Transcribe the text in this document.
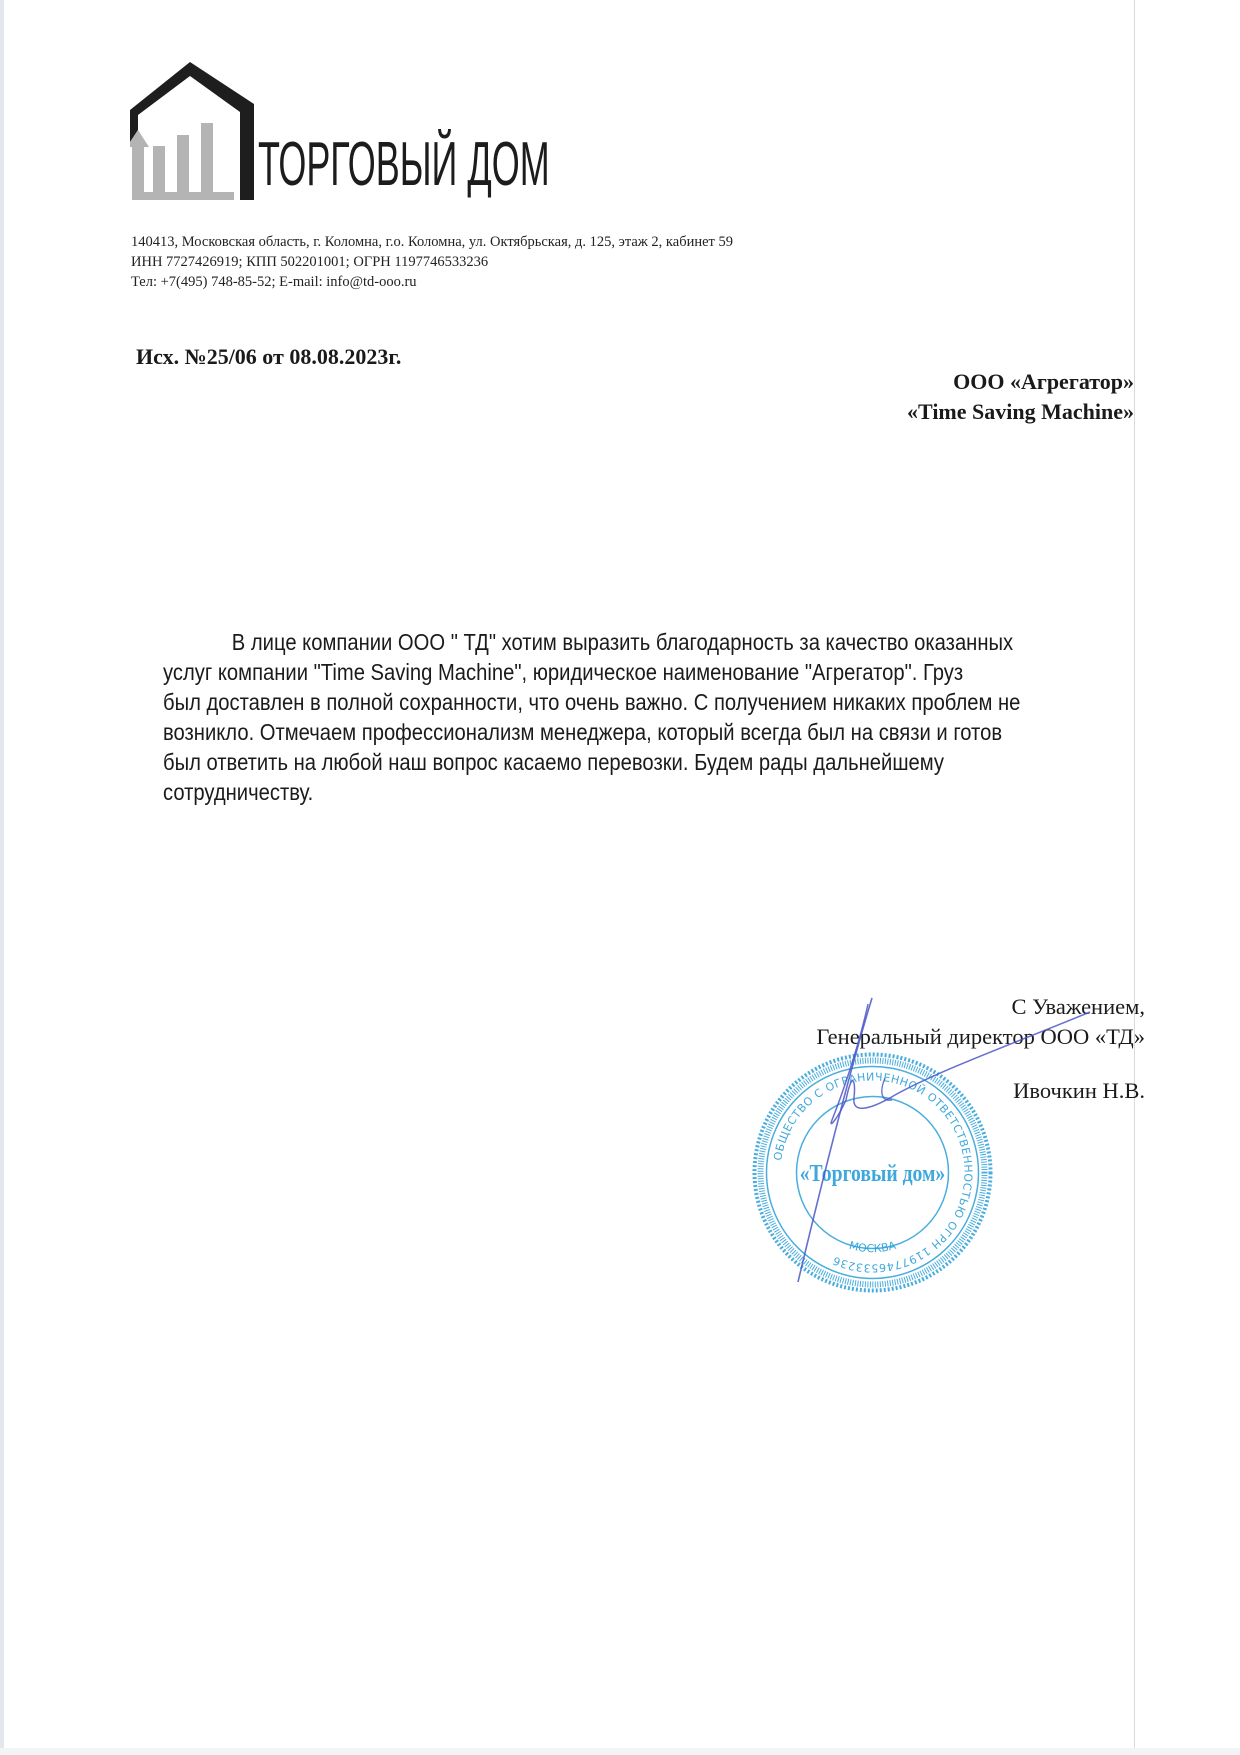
ТОРГОВЫЙ ДОМ
140413, Московская область, г. Коломна, г.о. Коломна, ул. Октябрьская, д. 125, этаж 2, кабинет 59
ИНН 7727426919; КПП 502201001; ОГРН 1197746533236
Тел: +7(495) 748-85-52; E-mail: info@td-ooo.ru
Исх. №25/06 от 08.08.2023г.
ООО «Агрегатор»
«Time Saving Machine»
В лице компании ООО " ТД" хотим выразить благодарность за качество оказанных
услуг компании "Time Saving Machine", юридическое наименование "Агрегатор". Груз
был доставлен в полной сохранности, что очень важно. С получением никаких проблем не
возникло. Отмечаем профессионализм менеджера, который всегда был на связи и готов
был ответить на любой наш вопрос касаемо перевозки. Будем рады дальнейшему
сотрудничеству.
ОБЩЕСТВО С ОГРАНИЧЕННОЙ ОТВЕТСТВЕННОСТЬЮ ОГРН 1197746533236
МОСКВА
«Торговый дом»
С Уважением,
Генеральный директор ООО «ТД»
Ивочкин Н.В.
